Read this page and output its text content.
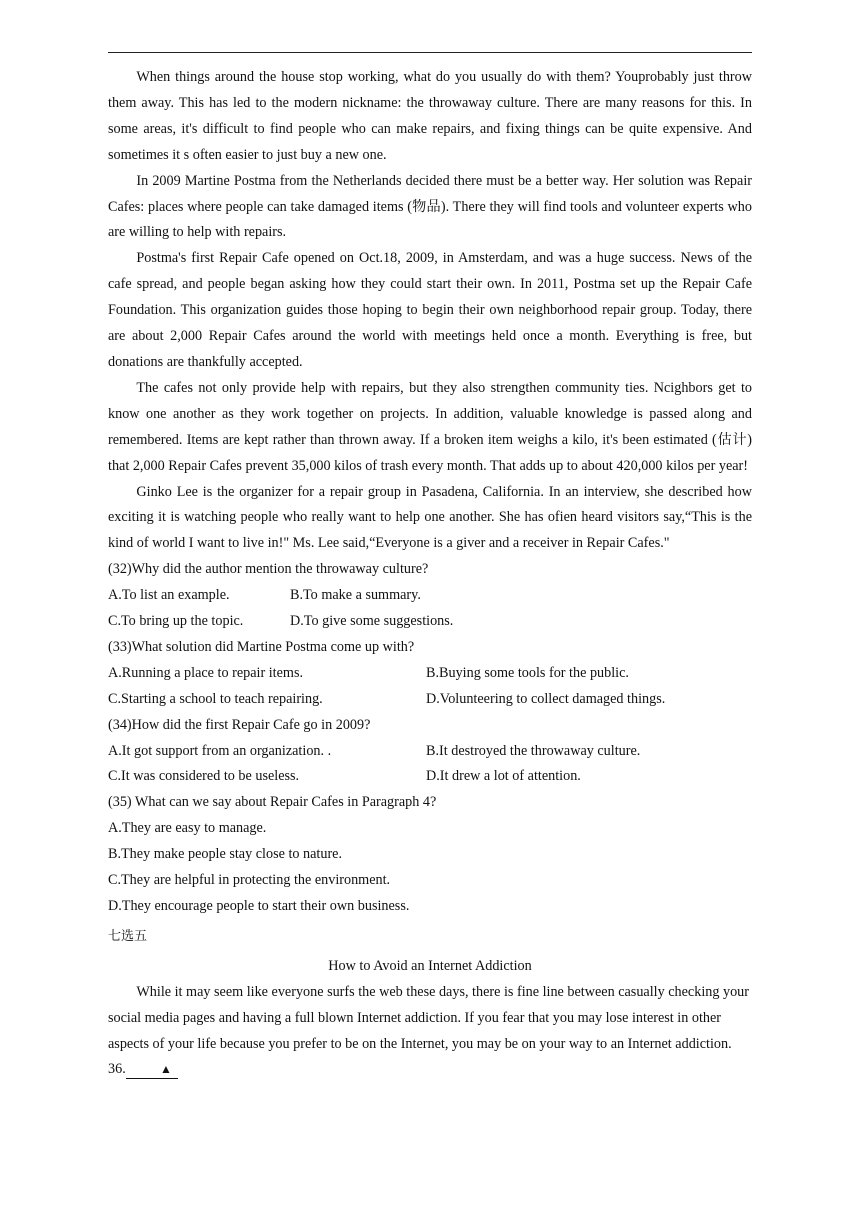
When things around the house stop working, what do you usually do with them? Youprobably just throw them away. This has led to the modern nickname: the throwaway culture. There are many reasons for this. In some areas, it's difficult to find people who can make repairs, and fixing things can be quite expensive. And sometimes it s often easier to just buy a new one.

In 2009 Martine Postma from the Netherlands decided there must be a better way. Her solution was Repair Cafes: places where people can take damaged items (物品). There they will find tools and volunteer experts who are willing to help with repairs.

Postma's first Repair Cafe opened on Oct.18, 2009, in Amsterdam, and was a huge success. News of the cafe spread, and people began asking how they could start their own. In 2011, Postma set up the Repair Cafe Foundation. This organization guides those hoping to begin their own neighborhood repair group. Today, there are about 2,000 Repair Cafes around the world with meetings held once a month. Everything is free, but donations are thankfully accepted.

The cafes not only provide help with repairs, but they also strengthen community ties. Ncighbors get to know one another as they work together on projects. In addition, valuable knowledge is passed along and remembered. Items are kept rather than thrown away. If a broken item weighs a kilo, it's been estimated (估计) that 2,000 Repair Cafes prevent 35,000 kilos of trash every month. That adds up to about 420,000 kilos per year!

Ginko Lee is the organizer for a repair group in Pasadena, California. In an interview, she described how exciting it is watching people who really want to help one another. She has ofien heard visitors say,“This is the kind of world I want to live in!" Ms. Lee said,“Everyone is a giver and a receiver in Repair Cafes."

(32)Why did the author mention the throwaway culture?

A.To list an example.	B.To make a summary.
C.To bring up the topic.	D.To give some suggestions.

(33)What solution did Martine Postma come up with?

A.Running a place to repair items.	B.Buying some tools for the public.
C.Starting a school to teach repairing.	D.Volunteering to collect damaged things.

(34)How did the first Repair Cafe go in 2009?

A.It got support from an organization. .	B.It destroyed the throwaway culture.
C.It was considered to be useless.	D.It drew a lot of attention.

(35) What can we say about Repair Cafes in Paragraph 4?

A.They are easy to manage.

B.They make people stay close to nature.

C.They are helpful in protecting the environment.

D.They encourage people to start their own business.

七选五

How to Avoid an Internet Addiction

While it may seem like everyone surfs the web these days, there is fine line between casually checking your social media pages and having a full blown Internet addiction. If you fear that you may lose interest in other aspects of your life because you prefer to be on the Internet, you may be on your way to an Internet addiction. 36.	▲
